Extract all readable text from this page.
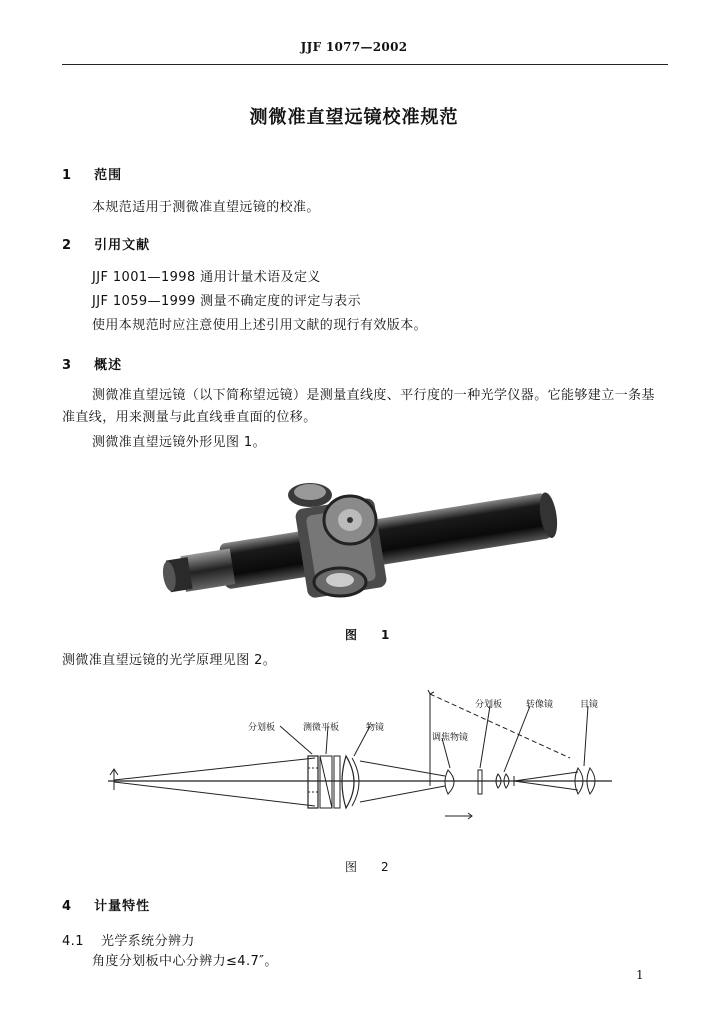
JJF 1077—2002
测微准直望远镜校准规范
1 范围
本规范适用于测微准直望远镜的校准。
2 引用文献
JJF 1001—1998 通用计量术语及定义
JJF 1059—1999 测量不确定度的评定与表示
使用本规范时应注意使用上述引用文献的现行有效版本。
3 概述
测微准直望远镜（以下简称望远镜）是测量直线度、平行度的一种光学仪器。它能够建立一条基准直线，用来测量与此直线垂直面的位移。
测微准直望远镜外形见图 1。
图　1
测微准直望远镜的光学原理见图 2。
分划板	测微平板	物镜
调焦物镜
分划板	转像镜	目镜
图　2
4 计量特性
4.1 光学系统分辨力
角度分划板中心分辨力≤4.7″。
1
